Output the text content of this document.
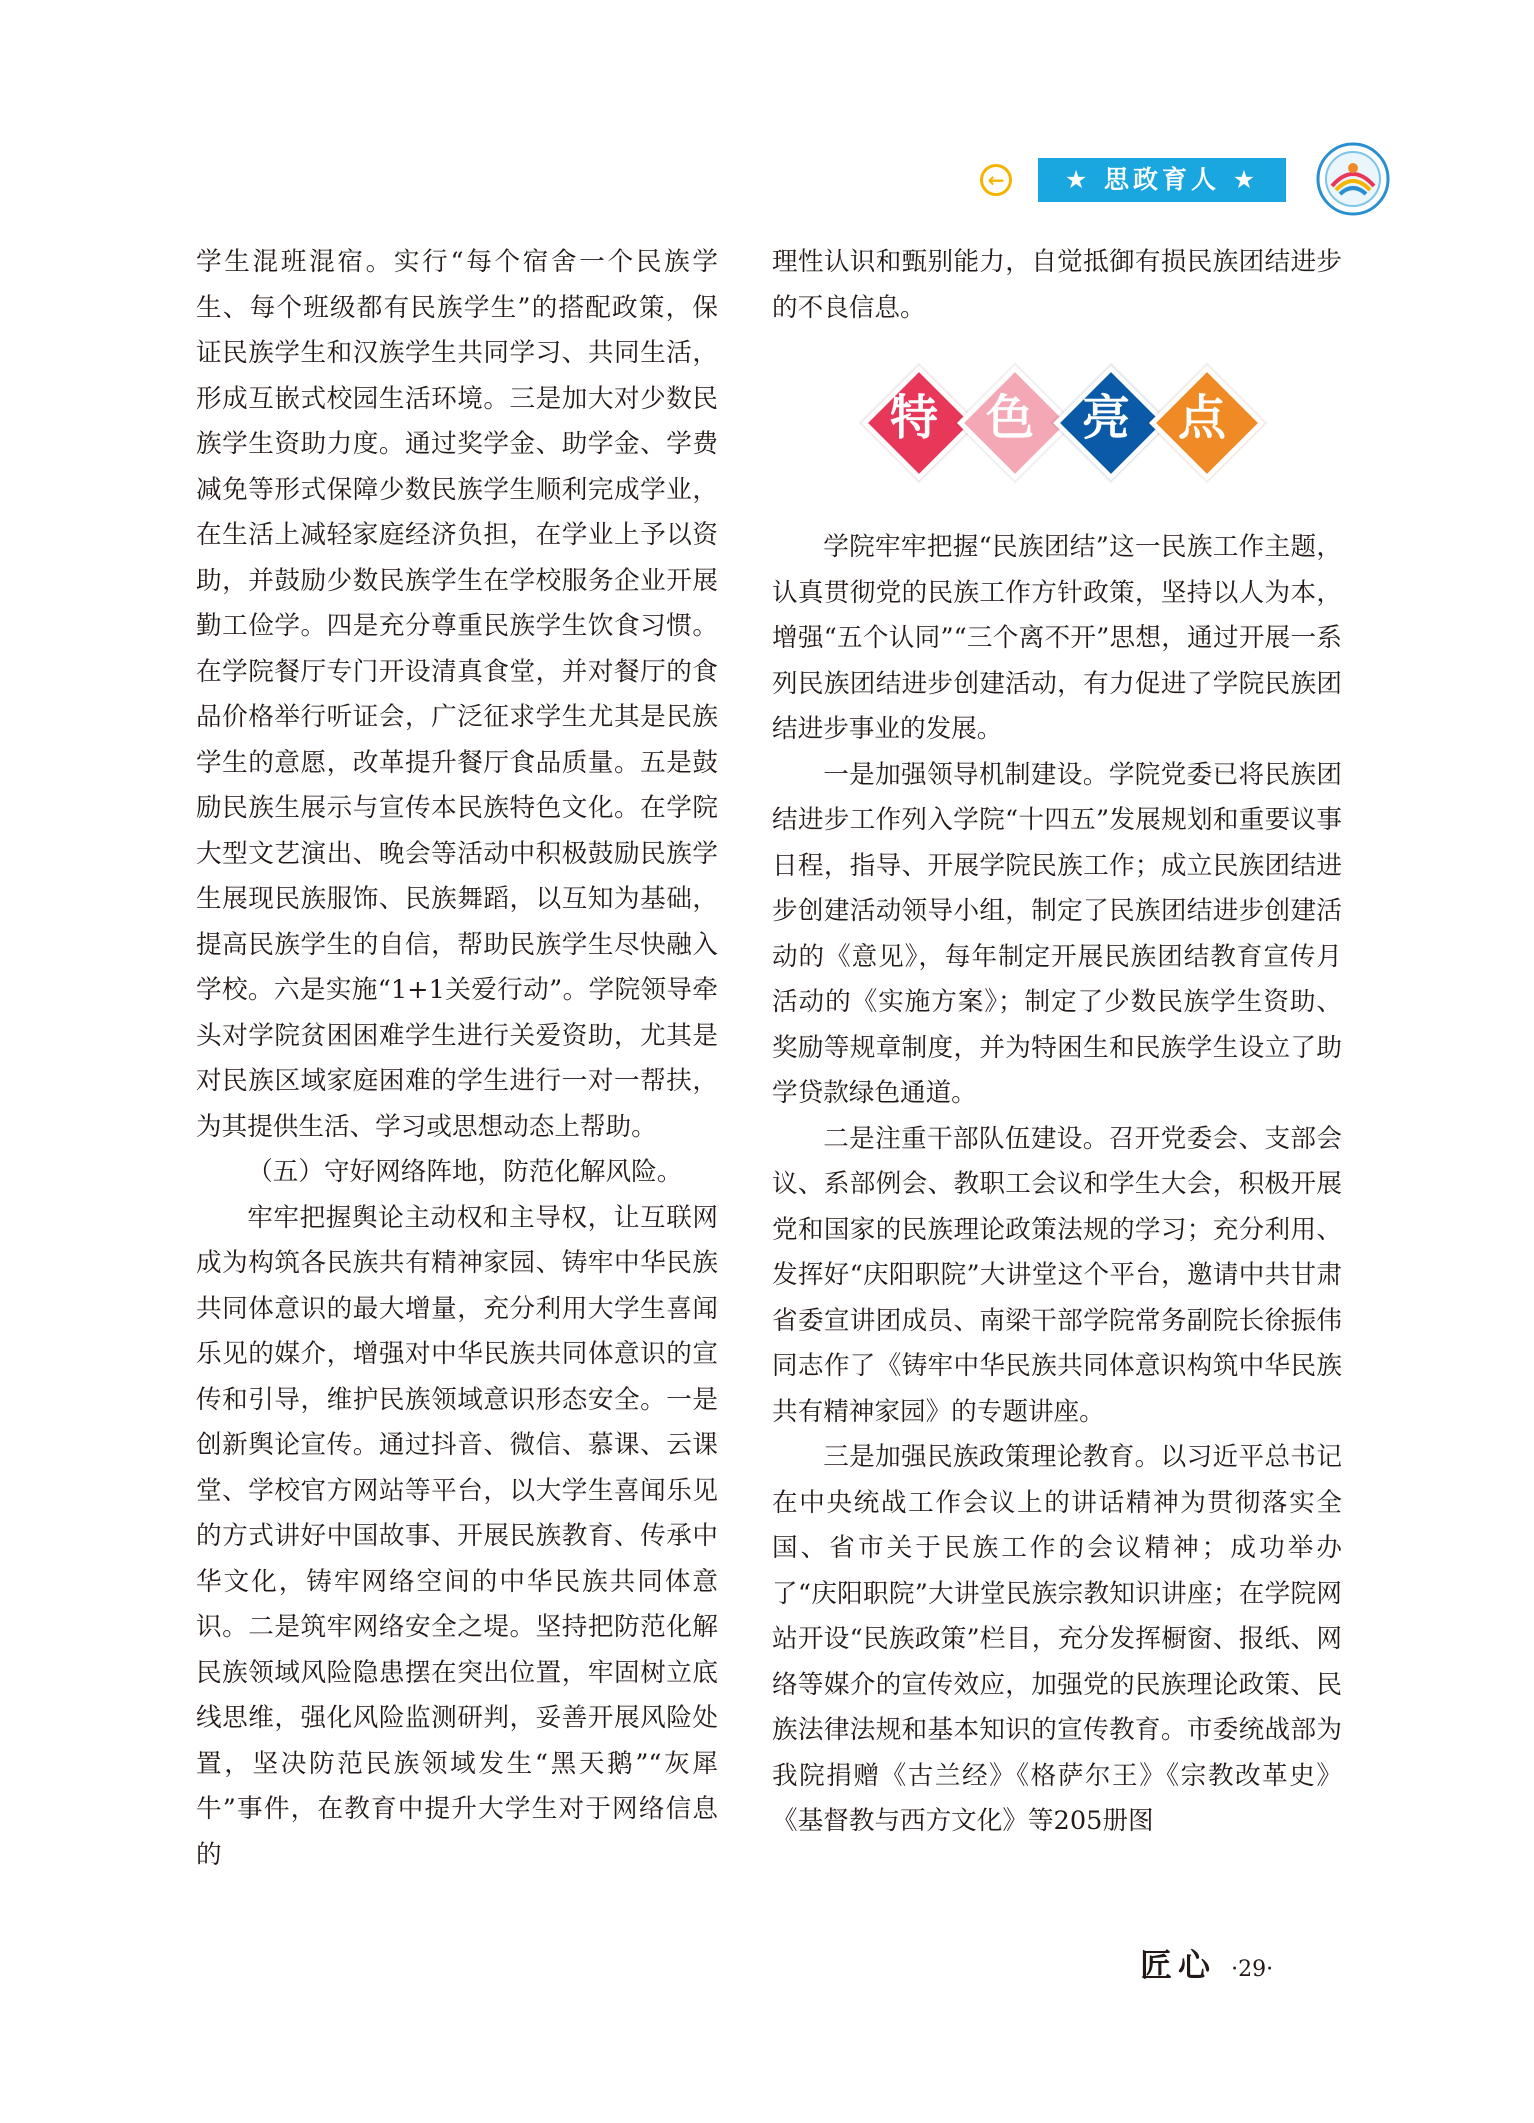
←	★ 思政育人 ★

学生混班混宿。实行“每个宿舍一个民族学生、每个班级都有民族学生”的搭配政策，保证民族学生和汉族学生共同学习、共同生活，形成互嵌式校园生活环境。三是加大对少数民族学生资助力度。通过奖学金、助学金、学费减免等形式保障少数民族学生顺利完成学业，在生活上减轻家庭经济负担，在学业上予以资助，并鼓励少数民族学生在学校服务企业开展勤工俭学。四是充分尊重民族学生饮食习惯。在学院餐厅专门开设清真食堂，并对餐厅的食品价格举行听证会，广泛征求学生尤其是民族学生的意愿，改革提升餐厅食品质量。五是鼓励民族生展示与宣传本民族特色文化。在学院大型文艺演出、晚会等活动中积极鼓励民族学生展现民族服饰、民族舞蹈，以互知为基础，提高民族学生的自信，帮助民族学生尽快融入学校。六是实施“1+1关爱行动”。学院领导牵头对学院贫困困难学生进行关爱资助，尤其是对民族区域家庭困难的学生进行一对一帮扶，为其提供生活、学习或思想动态上帮助。

（五）守好网络阵地，防范化解风险。

牢牢把握舆论主动权和主导权，让互联网成为构筑各民族共有精神家园、铸牢中华民族共同体意识的最大增量，充分利用大学生喜闻乐见的媒介，增强对中华民族共同体意识的宣传和引导，维护民族领域意识形态安全。一是创新舆论宣传。通过抖音、微信、慕课、云课堂、学校官方网站等平台，以大学生喜闻乐见的方式讲好中国故事、开展民族教育、传承中华文化，铸牢网络空间的中华民族共同体意识。二是筑牢网络安全之堤。坚持把防范化解民族领域风险隐患摆在突出位置，牢固树立底线思维，强化风险监测研判，妥善开展风险处置，坚决防范民族领域发生“黑天鹅”“灰犀牛”事件，在教育中提升大学生对于网络信息的

理性认识和甄别能力，自觉抵御有损民族团结进步的不良信息。

特 色 亮 点

学院牢牢把握“民族团结”这一民族工作主题，认真贯彻党的民族工作方针政策，坚持以人为本，增强“五个认同”“三个离不开”思想，通过开展一系列民族团结进步创建活动，有力促进了学院民族团结进步事业的发展。

一是加强领导机制建设。学院党委已将民族团结进步工作列入学院“十四五”发展规划和重要议事日程，指导、开展学院民族工作；成立民族团结进步创建活动领导小组，制定了民族团结进步创建活动的《意见》，每年制定开展民族团结教育宣传月活动的《实施方案》；制定了少数民族学生资助、奖励等规章制度，并为特困生和民族学生设立了助学贷款绿色通道。

二是注重干部队伍建设。召开党委会、支部会议、系部例会、教职工会议和学生大会，积极开展党和国家的民族理论政策法规的学习；充分利用、发挥好“庆阳职院”大讲堂这个平台，邀请中共甘肃省委宣讲团成员、南梁干部学院常务副院长徐振伟同志作了《铸牢中华民族共同体意识构筑中华民族共有精神家园》的专题讲座。

三是加强民族政策理论教育。以习近平总书记在中央统战工作会议上的讲话精神为贯彻落实全国、省市关于民族工作的会议精神；成功举办了“庆阳职院”大讲堂民族宗教知识讲座；在学院网站开设“民族政策”栏目，充分发挥橱窗、报纸、网络等媒介的宣传效应，加强党的民族理论政策、民族法律法规和基本知识的宣传教育。市委统战部为我院捐赠《古兰经》《格萨尔王》《宗教改革史》《基督教与西方文化》等205册图

匠心 ·29·
